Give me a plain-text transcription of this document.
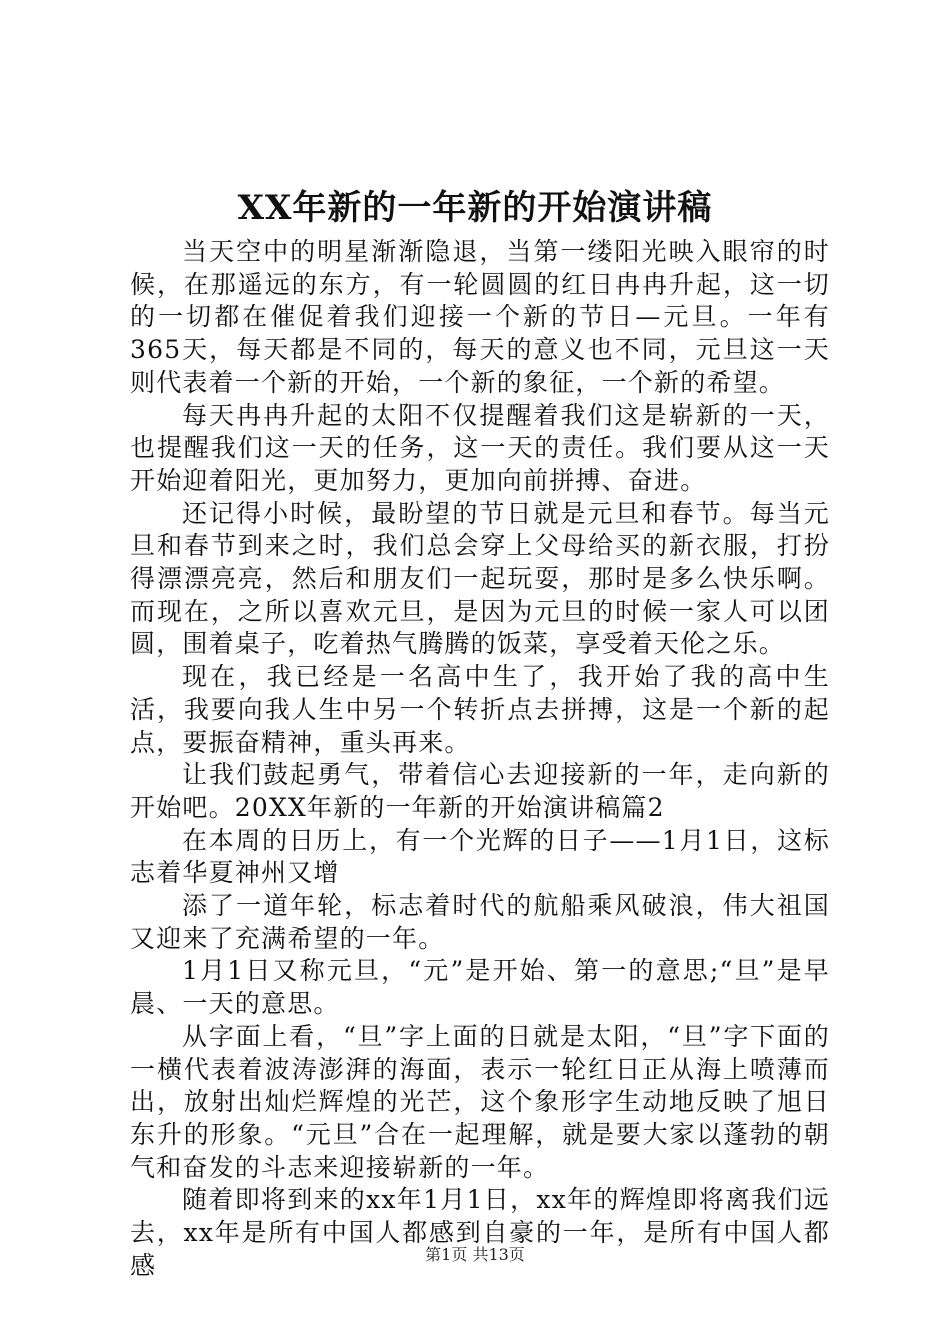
XX年新的一年新的开始演讲稿

当天空中的明星渐渐隐退，当第一缕阳光映入眼帘的时候，在那遥远的东方，有一轮圆圆的红日冉冉升起，这一切的一切都在催促着我们迎接一个新的节日—元旦。一年有365天，每天都是不同的，每天的意义也不同，元旦这一天则代表着一个新的开始，一个新的象征，一个新的希望。

每天冉冉升起的太阳不仅提醒着我们这是崭新的一天，也提醒我们这一天的任务，这一天的责任。我们要从这一天开始迎着阳光，更加努力，更加向前拼搏、奋进。

还记得小时候，最盼望的节日就是元旦和春节。每当元旦和春节到来之时，我们总会穿上父母给买的新衣服，打扮得漂漂亮亮，然后和朋友们一起玩耍，那时是多么快乐啊。而现在，之所以喜欢元旦，是因为元旦的时候一家人可以团圆，围着桌子，吃着热气腾腾的饭菜，享受着天伦之乐。

现在，我已经是一名高中生了，我开始了我的高中生活，我要向我人生中另一个转折点去拼搏，这是一个新的起点，要振奋精神，重头再来。

让我们鼓起勇气，带着信心去迎接新的一年，走向新的开始吧。20XX年新的一年新的开始演讲稿篇2

在本周的日历上，有一个光辉的日子——1月1日，这标志着华夏神州又增

添了一道年轮，标志着时代的航船乘风破浪，伟大祖国又迎来了充满希望的一年。

1月1日又称元旦，“元”是开始、第一的意思;“旦”是早晨、一天的意思。

从字面上看，“旦”字上面的日就是太阳，“旦”字下面的一横代表着波涛澎湃的海面，表示一轮红日正从海上喷薄而出，放射出灿烂辉煌的光芒，这个象形字生动地反映了旭日东升的形象。“元旦”合在一起理解，就是要大家以蓬勃的朝气和奋发的斗志来迎接崭新的一年。

随着即将到来的xx年1月1日，xx年的辉煌即将离我们远去，xx年是所有中国人都感到自豪的一年，是所有中国人都感	第1页 共13页
